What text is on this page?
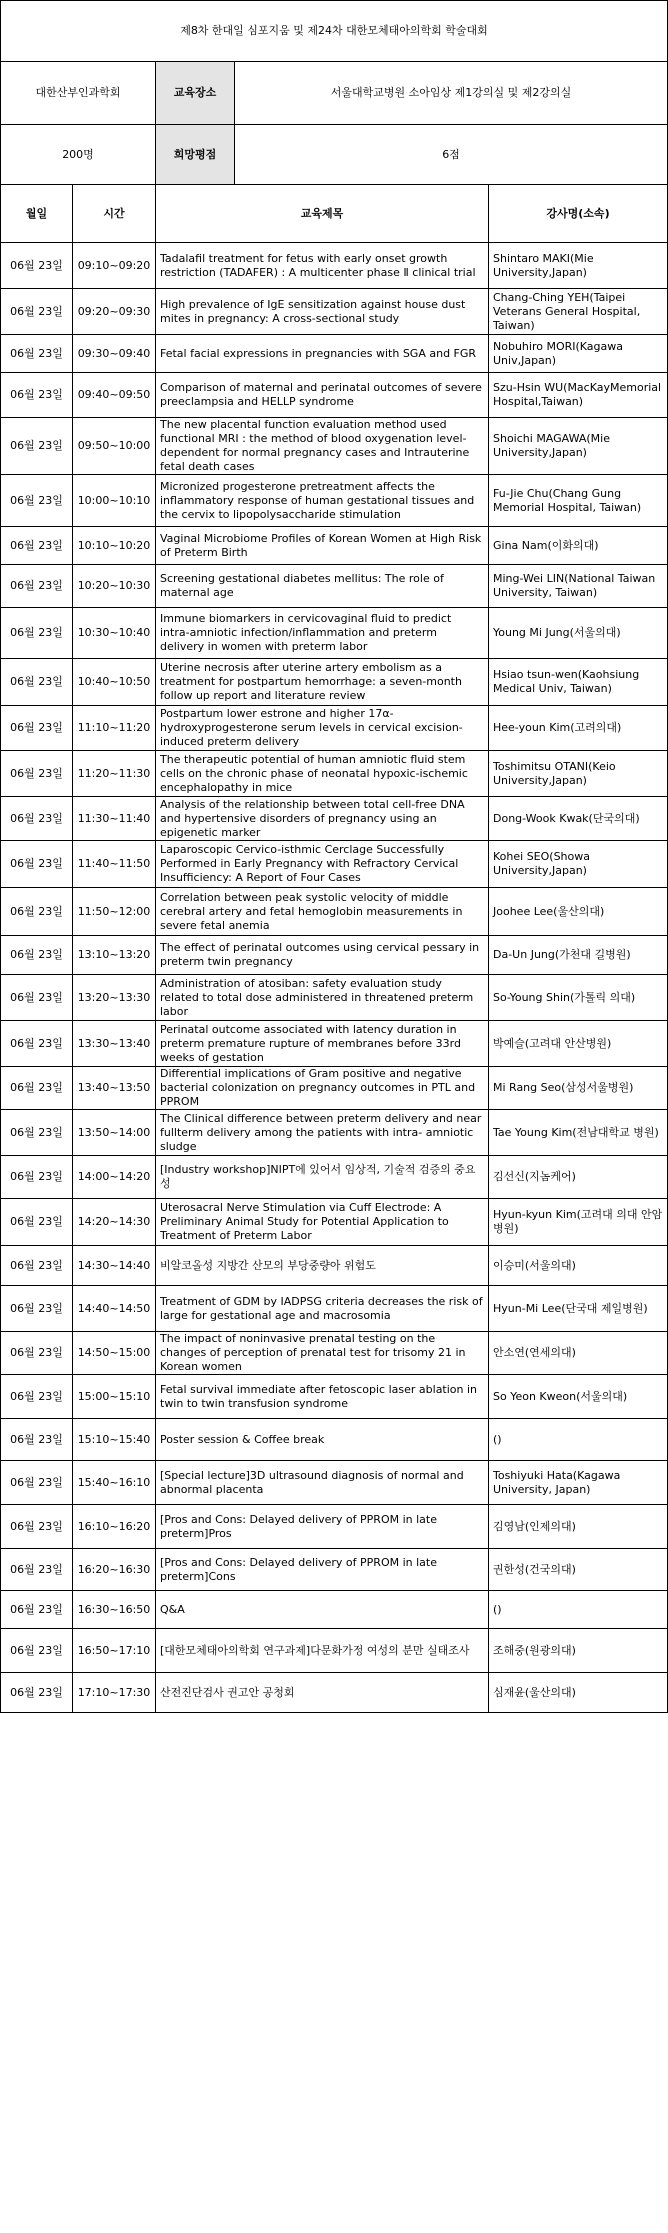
제8차 한대일 심포지움 및 제24차 대한모체태아의학회 학술대회			
대한산부인과학회		교육장소 서울대학교병원 소아임상 제1강의실 및 제2강의실	

200명		희망평점 6점	

월일	시간	교육제목	강사명(소속)
06월 23일	09:10~09:20	Tadalafil treatment for fetus with early onset growth restriction (TADAFER) : A multicenter phase Ⅱ clinical trial	Shintaro MAKI(Mie University,Japan)
06월 23일	09:20~09:30	High prevalence of IgE sensitization against house dust mites in pregnancy: A cross-sectional study	Chang-Ching YEH(Taipei Veterans General Hospital, Taiwan)
06월 23일	09:30~09:40	Fetal facial expressions in pregnancies with SGA and FGR	Nobuhiro MORI(Kagawa Univ,Japan)
06월 23일	09:40~09:50	Comparison of maternal and perinatal outcomes of severe preeclampsia and HELLP syndrome	Szu-Hsin WU(MacKayMemorial Hospital,Taiwan)
06월 23일	09:50~10:00	The new placental function evaluation method used functional MRI : the method of blood oxygenation level-dependent for normal pregnancy cases and Intrauterine fetal death cases	Shoichi MAGAWA(Mie University,Japan)
06월 23일	10:00~10:10	Micronized progesterone pretreatment affects the inflammatory response of human gestational tissues and the cervix to lipopolysaccharide stimulation	Fu-Jie Chu(Chang Gung Memorial Hospital, Taiwan)
06월 23일	10:10~10:20	Vaginal Microbiome Profiles of Korean Women at High Risk of Preterm Birth	Gina Nam(이화의대)
06월 23일	10:20~10:30	Screening gestational diabetes mellitus: The role of maternal age	Ming-Wei LIN(National Taiwan University, Taiwan)
06월 23일	10:30~10:40	Immune biomarkers in cervicovaginal fluid to predict intra-amniotic infection/inflammation and preterm delivery in women with preterm labor	Young Mi Jung(서울의대)
06월 23일	10:40~10:50	Uterine necrosis after uterine artery embolism as a treatment for postpartum hemorrhage: a seven-month follow up report and literature review	Hsiao tsun-wen(Kaohsiung Medical Univ, Taiwan)
06월 23일	11:10~11:20	Postpartum lower estrone and higher 17α-hydroxyprogesterone serum levels in cervical excision-induced preterm delivery	Hee-youn Kim(고려의대)
06월 23일	11:20~11:30	The therapeutic potential of human amniotic fluid stem cells on the chronic phase of neonatal hypoxic-ischemic encephalopathy in mice	Toshimitsu OTANI(Keio University,Japan)
06월 23일	11:30~11:40	Analysis of the relationship between total cell-free DNA and hypertensive disorders of pregnancy using an epigenetic marker	Dong-Wook Kwak(단국의대)
06월 23일	11:40~11:50	Laparoscopic Cervico-isthmic Cerclage Successfully Performed in Early Pregnancy with Refractory Cervical Insufficiency: A Report of Four Cases	Kohei SEO(Showa University,Japan)
06월 23일	11:50~12:00	Correlation between peak systolic velocity of middle cerebral artery and fetal hemoglobin measurements in severe fetal anemia	Joohee Lee(울산의대)
06월 23일	13:10~13:20	The effect of perinatal outcomes using cervical pessary in preterm twin pregnancy	Da-Un Jung(가천대 길병원)
06월 23일	13:20~13:30	Administration of atosiban: safety evaluation study related to total dose administered in threatened preterm labor	So-Young Shin(가톨릭 의대)
06월 23일	13:30~13:40	Perinatal outcome associated with latency duration in preterm premature rupture of membranes before 33rd weeks of gestation	박예슬(고려대 안산병원)
06월 23일	13:40~13:50	Differential implications of Gram positive and negative bacterial colonization on pregnancy outcomes in PTL and PPROM	Mi Rang Seo(삼성서울병원)
06월 23일	13:50~14:00	The Clinical difference between preterm delivery and near fullterm delivery among the patients with intra- amniotic sludge	Tae Young Kim(전남대학교 병원)
06월 23일	14:00~14:20	[Industry workshop]NIPT에 있어서 임상적, 기술적 검증의 중요성	김선신(지놈케어)
06월 23일	14:20~14:30	Uterosacral Nerve Stimulation via Cuff Electrode: A Preliminary Animal Study for Potential Application to Treatment of Preterm Labor	Hyun-kyun Kim(고려대 의대 안암병원)
06월 23일	14:30~14:40	비알코올성 지방간 산모의 부당중량아 위험도	이승미(서울의대)
06월 23일	14:40~14:50	Treatment of GDM by IADPSG criteria decreases the risk of large for gestational age and macrosomia	Hyun-Mi Lee(단국대 제일병원)
06월 23일	14:50~15:00	The impact of noninvasive prenatal testing on the changes of perception of prenatal test for trisomy 21 in Korean women	안소연(연세의대)
06월 23일	15:00~15:10	Fetal survival immediate after fetoscopic laser ablation in twin to twin transfusion syndrome	So Yeon Kweon(서울의대)
06월 23일	15:10~15:40	Poster session & Coffee break	()
06월 23일	15:40~16:10	[Special lecture]3D ultrasound diagnosis of normal and abnormal placenta	Toshiyuki Hata(Kagawa University, Japan)
06월 23일	16:10~16:20	[Pros and Cons: Delayed delivery of PPROM in late preterm]Pros	김영남(인제의대)
06월 23일	16:20~16:30	[Pros and Cons: Delayed delivery of PPROM in late preterm]Cons	권한성(건국의대)
06월 23일	16:30~16:50	Q&A	()
06월 23일	16:50~17:10	[대한모체태아의학회 연구과제]다문화가정 여성의 분만 실태조사	조해중(원광의대)
06월 23일	17:10~17:30	산전진단검사 권고안 공청회	심재윤(울산의대)
